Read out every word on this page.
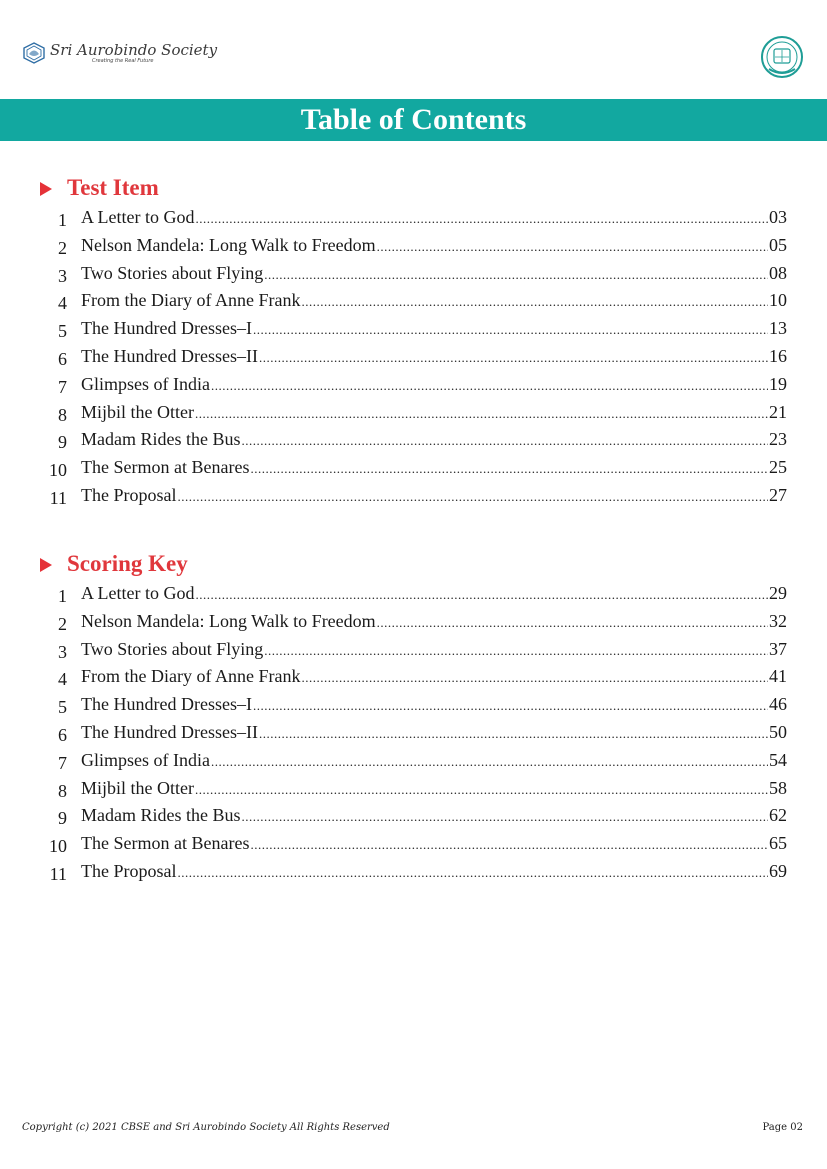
Sri Aurobindo Society
Creating the Real Future
Table of Contents
Test Item
1 A Letter to God .....	03
2 Nelson Mandela: Long Walk to Freedom .....	05
3 Two Stories about Flying .....	08
4 From the Diary of Anne Frank .....	10
5 The Hundred Dresses–I .....	13
6 The Hundred Dresses–II .....	16
7 Glimpses of India .....	19
8 Mijbil the Otter .....	21
9 Madam Rides the Bus .....	23
10 The Sermon at Benares .....	25
11 The Proposal .....	27
Scoring Key
1 A Letter to God .....	29
2 Nelson Mandela: Long Walk to Freedom .....	32
3 Two Stories about Flying .....	37
4 From the Diary of Anne Frank .....	41
5 The Hundred Dresses–I .....	46
6 The Hundred Dresses–II .....	50
7 Glimpses of India .....	54
8 Mijbil the Otter .....	58
9 Madam Rides the Bus .....	62
10 The Sermon at Benares .....	65
11 The Proposal .....	69
Copyright (c) 2021 CBSE and Sri Aurobindo Society All Rights Reserved	Page 02
